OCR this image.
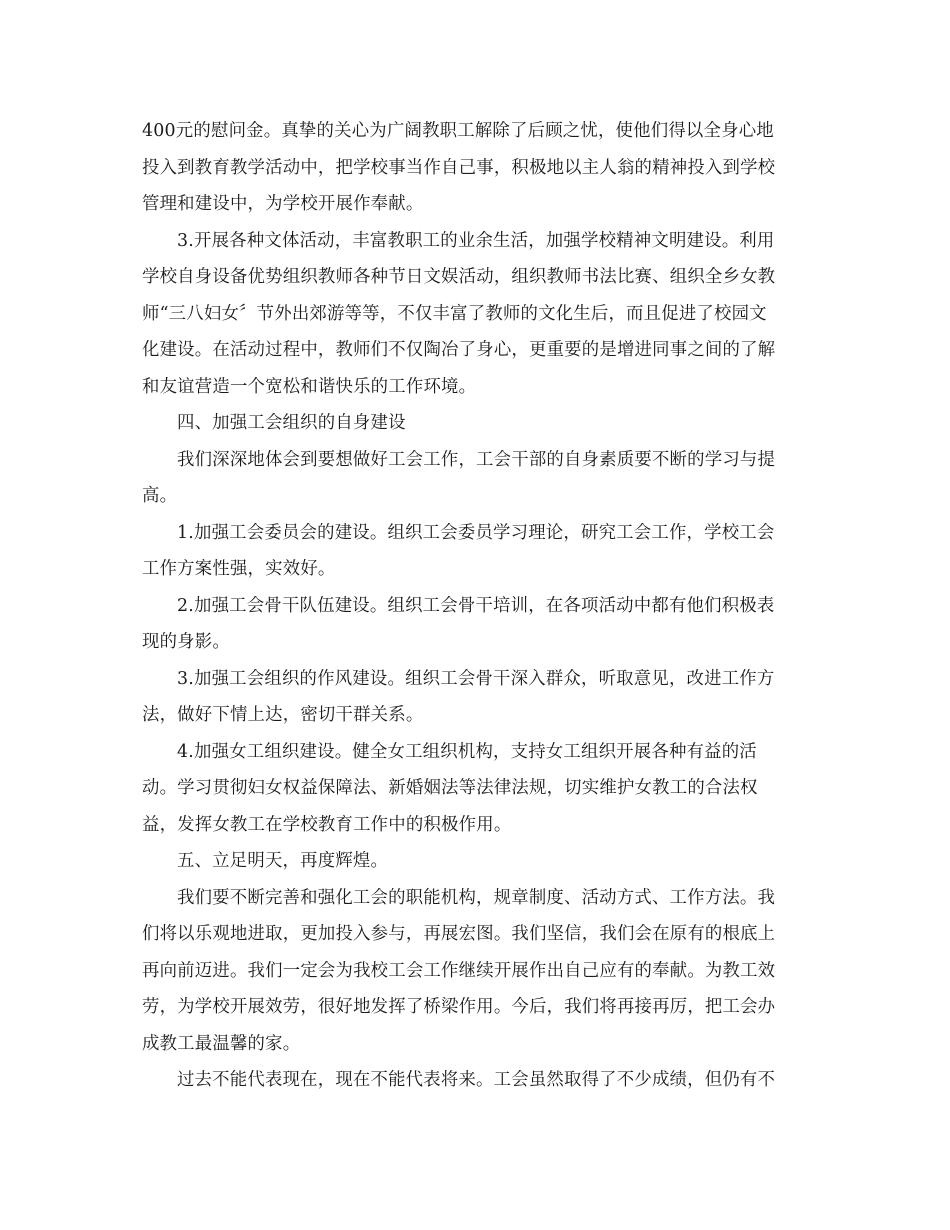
400元的慰问金。真挚的关心为广阔教职工解除了后顾之忧，使他们得以全身心地
投入到教育教学活动中，把学校事当作自己事，积极地以主人翁的精神投入到学校
管理和建设中，为学校开展作奉献。
3.开展各种文体活动，丰富教职工的业余生活，加强学校精神文明建设。利用
学校自身设备优势组织教师各种节日文娱活动，组织教师书法比赛、组织全乡女教
师“三八妇女〞节外出郊游等等，不仅丰富了教师的文化生后，而且促进了校园文
化建设。在活动过程中，教师们不仅陶冶了身心，更重要的是增进同事之间的了解
和友谊营造一个宽松和谐快乐的工作环境。
四、加强工会组织的自身建设
我们深深地体会到要想做好工会工作，工会干部的自身素质要不断的学习与提
高。
1.加强工会委员会的建设。组织工会委员学习理论，研究工会工作，学校工会
工作方案性强，实效好。
2.加强工会骨干队伍建设。组织工会骨干培训，在各项活动中都有他们积极表
现的身影。
3.加强工会组织的作风建设。组织工会骨干深入群众，听取意见，改进工作方
法，做好下情上达，密切干群关系。
4.加强女工组织建设。健全女工组织机构，支持女工组织开展各种有益的活
动。学习贯彻妇女权益保障法、新婚姻法等法律法规，切实维护女教工的合法权
益，发挥女教工在学校教育工作中的积极作用。
五、立足明天，再度辉煌。
我们要不断完善和强化工会的职能机构，规章制度、活动方式、工作方法。我
们将以乐观地进取，更加投入参与，再展宏图。我们坚信，我们会在原有的根底上
再向前迈进。我们一定会为我校工会工作继续开展作出自己应有的奉献。为教工效
劳，为学校开展效劳，很好地发挥了桥梁作用。今后，我们将再接再厉，把工会办
成教工最温馨的家。
过去不能代表现在，现在不能代表将来。工会虽然取得了不少成绩，但仍有不
